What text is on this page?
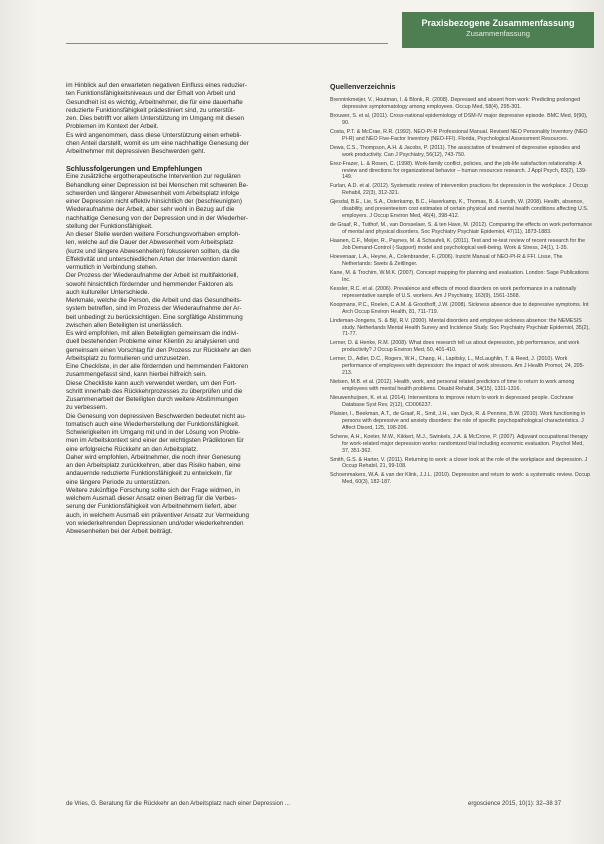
Praxisbezogene Zusammenfassung
Zusammenfassung
im Hinblick auf den erwarteten negativen Einfluss eines reduzier-
ten Funktionsfähigkeitsniveaus und der Erhalt von Arbeit und
Gesundheit ist es wichtig, Arbeitnehmer, die für eine dauerhafte
reduzierte Funktionsfähigkeit prädestiniert sind, zu unterstüt-
zen. Dies betrifft vor allem Unterstützung im Umgang mit diesen
Problemen im Kontext der Arbeit.
Es wird angenommen, dass diese Unterstützung einen erhebli-
chen Anteil darstellt, womit es um eine nachhaltige Genesung der
Arbeitnehmer mit depressiven Beschwerden geht.

Schlussfolgerungen und Empfehlungen

Eine zusätzliche ergotherapeutische Intervention zur regulären
Behandlung einer Depression ist bei Menschen mit schweren Be-
schwerden und längerer Abwesenheit vom Arbeitsplatz infolge
einer Depression nicht effektiv hinsichtlich der (beschleunigten)
Wiederaufnahme der Arbeit, aber sehr wohl in Bezug auf die
nachhaltige Genesung von der Depression und in der Wiederher-
stellung der Funktionsfähigkeit.
An dieser Stelle werden weitere Forschungsvorhaben empfoh-
len, welche auf die Dauer der Abwesenheit vom Arbeitsplatz
(kurze und längere Abwesenheiten) fokussieren sollten, da die
Effektivität und unterschiedlichen Arten der Intervention damit
vermutlich in Verbindung stehen.
Der Prozess der Wiederaufnahme der Arbeit ist multifaktoriell,
sowohl hinsichtlich fördernder und hemmender Faktoren als
auch kultureller Unterschiede.
Merkmale, welche die Person, die Arbeit und das Gesundheits-
system betreffen, sind im Prozess der Wiederaufnahme der Ar-
beit unbedingt zu berücksichtigen. Eine sorgfältige Abstimmung
zwischen allen Beteiligten ist unerlässlich.
Es wird empfohlen, mit allen Beteiligten gemeinsam die indivi-
duell bestehenden Probleme einer Klientin zu analysieren und
gemeinsam einen Vorschlag für den Prozess zur Rückkehr an den
Arbeitsplatz zu formulieren und umzusetzen.
Eine Checkliste, in der alle fördernden und hemmenden Faktoren
zusammengefasst sind, kann hierbei hilfreich sein.
Diese Checkliste kann auch verwendet werden, um den Fort-
schritt innerhalb des Rückkehrprozesses zu überprüfen und die
Zusammenarbeit der Beteiligten durch weitere Abstimmungen
zu verbessern.
Die Genesung von depressiven Beschwerden bedeutet nicht au-
tomatisch auch eine Wiederherstellung der Funktionsfähigkeit.
Schwierigkeiten im Umgang mit und in der Lösung von Proble-
men im Arbeitskontext sind einer der wichtigsten Prädiktoren für
eine erfolgreiche Rückkehr an den Arbeitsplatz.
Daher wird empfohlen, Arbeitnehmer, die noch ihrer Genesung
an den Arbeitsplatz zurückkehren, aber das Risiko haben, eine
andauernde reduzierte Funktionsfähigkeit zu entwickeln, für
eine längere Periode zu unterstützen.
Weitere zukünftige Forschung sollte sich der Frage widmen, in
welchem Ausmaß dieser Ansatz einen Beitrag für die Verbes-
serung der Funktionsfähigkeit von Arbeitnehmern liefert, aber
auch, in welchem Ausmaß ein präventiver Ansatz zur Vermeidung
von wiederkehrenden Depressionen und/oder wiederkehrenden
Abwesenheiten bei der Arbeit beiträgt.

Quellenverzeichnis

Brenninkmeijer, V., Houtman, I. & Blonk, R. (2008). Depressed and absent from work: Predicting prolonged depressive symptomatology among employees. Occup Med, 58(4), 295-301.

Brouwer, S. et al. (2011). Cross-national epidemiology of DSM-IV major depressive episode. BMC Med, 9(90), 90.

Costa, P.T. & McCrae, R.R. (1992). NEO-PI-R Professional Manual. Revised NEO Personality Inventory (NEO PI-R) and NEO Five-Factor Inventory (NEO-FFI). Florida, Psychological Assessment Resources.

Dewa, C.S., Thompson, A.H. & Jacobs, P. (2011). The association of treatment of depressive episodes and work productivity. Can J Psychiatry, 56(12), 743-750.

Erez-Frazer, L. & Rosen, C. (1998). Work-family conflict, policies, and the job-life satisfaction relationship: A review and directions for organizational behavior – human resources research. J Appl Psych, 83(2), 139-149.

Furlan, A.D. et al. (2012). Systematic review of intervention practices for depression in the workplace. J Occup Rehabil, 22(3), 312-321.

Gjesdal, B.E., Lie, S.A., Osterkamp, B.C., Haverkamp, K., Thomas, B. & Lundh, W. (2008). Health, absence, disability, and presenteeism cost estimates of certain physical and mental health conditions affecting U.S. employers. J Occup Environ Med, 46(4), 398-412.

de Graaf, R., Tuithof, M., van Dorsselaer, S. & ten Have, M. (2012). Comparing the effects on work performance of mental and physical disorders. Soc Psychiatry Psychiatr Epidemiol, 47(11), 1873-1883.

Haanen, C.F., Meijer, R., Paynes, M. & Schaufeli, K. (2011). Test and re-test review of recent research for the Job Demand-Control (-Support) model and psychological well-being. Work & Stress, 24(1), 1-35.

Hoevenaar, L.A., Heyne, A., Colenbrander, F. (2006). Inzicht Manual of NEO-PI-R & FFI. Lisse, The Netherlands: Swets & Zeitlinger.

Kane, M. & Trochim, W.M.K. (2007). Concept mapping for planning and evaluation. London: Sage Publications Inc.

Kessler, R.C. et al. (2006). Prevalence and effects of mood disorders on work performance in a nationally representative sample of U.S. workers. Am J Psychiatry, 163(9), 1561-1568.

Koopmans, P.C., Roelen, C.A.M. & Groothoff, J.W. (2008). Sickness absence due to depressive symptoms. Int Arch Occup Environ Health, 81, 711-719.

Lindeman-Jongens, S. & Bijl, R.V. (2000). Mental disorders and employee sickness absence: the NEMESIS study. Netherlands Mental Health Survey and Incidence Study. Soc Psychiatry Psychiatr Epidemiol, 35(2), 71-77.

Lerner, D. & Henke, R.M. (2008). What does research tell us about depression, job performance, and work productivity? J Occup Environ Med, 50, 401-410.

Lerner, D., Adler, D.C., Rogers, W.H., Chang, H., Lapitsky, L., McLaughlin, T. & Reed, J. (2010). Work performance of employees with depression: the impact of work stressors. Am J Health Promot, 24, 205-213.

Nielsen, M.B. et al. (2012). Health, work, and personal related predictors of time to return to work among employees with mental health problems. Disabil Rehabil, 34(15), 1311-1316.

Nieuwenhuijsen, K. et al. (2014). Interventions to improve return to work in depressed people. Cochrane Database Syst Rev, 2(12), CD006237.

Plaisier, I., Beekman, A.T., de Graaf, R., Smit, J.H., van Dyck, R. & Penninx, B.W. (2010). Work functioning in persons with depressive and anxiety disorders: the role of specific psychopathological characteristics. J Affect Disord, 125, 198-206.

Schene, A.H., Koeter, M.W., Kikkert, M.J., Swinkels, J.A. & McCrone, P. (2007). Adjuvant occupational therapy for work-related major depression works: randomized trial including economic evaluation. Psychol Med, 37, 351-362.

Smith, G.S. & Harter, V. (2011). Returning to work: a closer look at the role of the workplace and depression. J Occup Rehabil, 21, 99-108.

Schoenmakers, W.A. & van der Klink, J.J.L. (2010). Depression and return to work: a systematic review. Occup Med, 60(3), 182-187.

de Vries, G. Beratung für die Rückkehr an den Arbeitsplatz nach einer Depression ...	ergoscience 2015, 10(1): 32–38 37
